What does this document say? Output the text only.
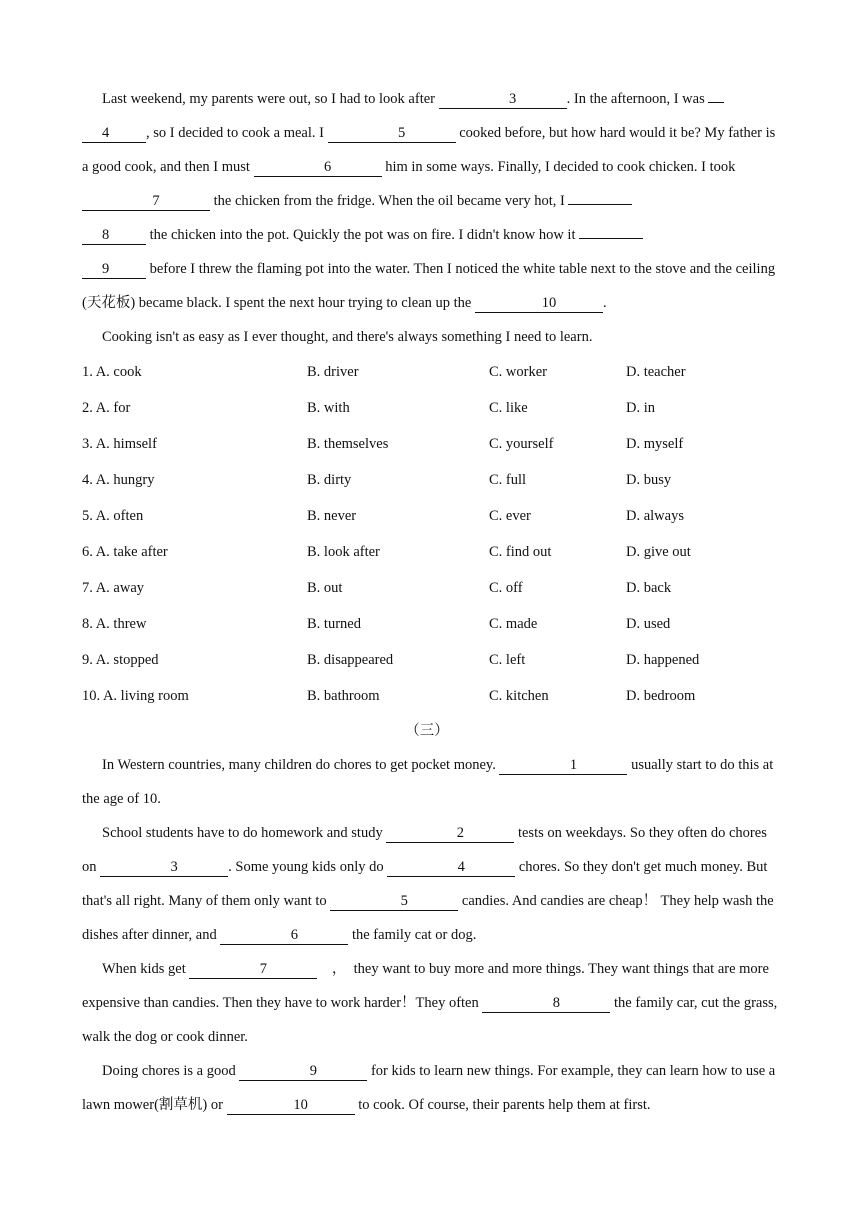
Last weekend, my parents were out, so I had to look after	3	. In the afternoon, I was
4	, so I decided to cook a meal. I	5	cooked before, but how hard would it be? My father is a good cook, and then I must	6	him in some ways. Finally, I decided to cook chicken. I took 7	the chicken from the fridge. When the oil became very hot, I
8	the chicken into the pot. Quickly the pot was on fire. I didn't know how it
9	before I threw the flaming pot into the water. Then I noticed the white table next to the stove and the ceiling (天花板) became black. I spent the next hour trying to clean up the	10	.

Cooking isn't as easy as I ever thought, and there's always something I need to learn.

1. A. cook	B. driver	C. worker	D. teacher
2. A. for	B. with	C. like	D. in
3. A. himself	B. themselves	C. yourself	D. myself
4. A. hungry	B. dirty	C. full	D. busy
5. A. often	B. never	C. ever	D. always
6. A. take after	B. look after	C. find out	D. give out
7. A. away	B. out	C. off	D. back
8. A. threw	B. turned	C. made	D. used
9. A. stopped	B. disappeared	C. left	D. happened
10. A. living room	B. bathroom	C. kitchen	D. bedroom
（三）

In Western countries, many children do chores to get pocket money.	1	usually start to do this at the age of 10.

School students have to do homework and study	2	tests on weekdays. So they often do chores on	3	. Some young kids only do	4	chores. So they don't get much money. But that's all right. Many of them only want to	5	candies. And candies are cheap！ They help wash the dishes after dinner, and	6	the family cat or dog.

When kids get	7	　，　they want to buy more and more things. They want things that are more expensive than candies. Then they have to work harder！They often	8	the family car, cut the grass, walk the dog or cook dinner.

Doing chores is a good	9	for kids to learn new things. For example, they can learn how to use a lawn mower(割草机) or	10	to cook. Of course, their parents help them at first.
